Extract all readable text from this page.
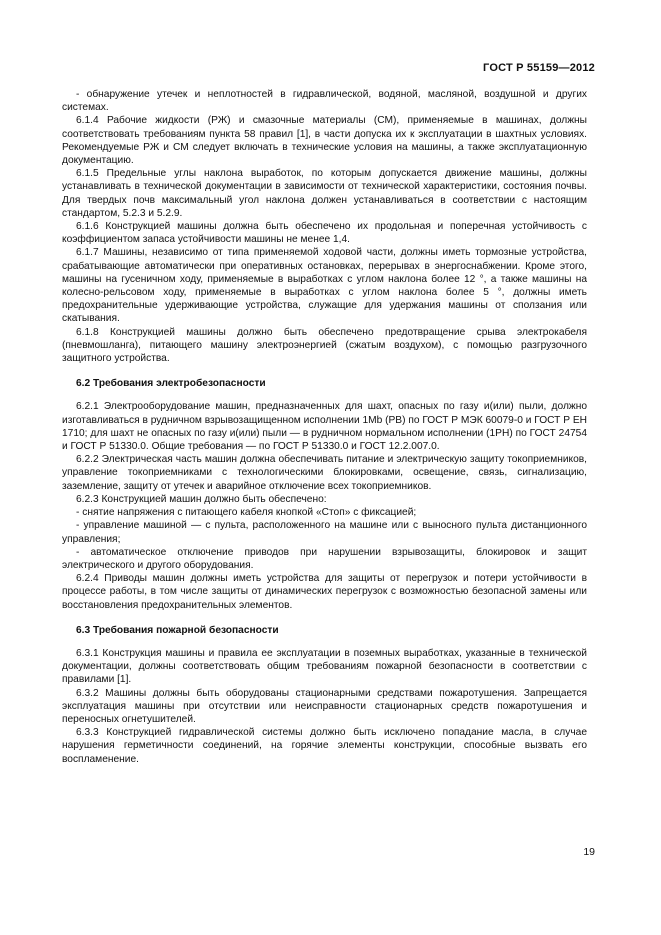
ГОСТ Р 55159—2012

- обнаружение утечек и неплотностей в гидравлической, водяной, масляной, воздушной и других системах.

6.1.4 Рабочие жидкости (РЖ) и смазочные материалы (СМ), применяемые в машинах, должны соответствовать требованиям пункта 58 правил [1], в части допуска их к эксплуатации в шахтных условиях. Рекомендуемые РЖ и СМ следует включать в технические условия на машины, а также эксплуатационную документацию.

6.1.5 Предельные углы наклона выработок, по которым допускается движение машины, должны устанавливать в технической документации в зависимости от технической характеристики, состояния почвы. Для твердых почв максимальный угол наклона должен устанавливаться в соответствии с настоящим стандартом, 5.2.3 и 5.2.9.

6.1.6 Конструкцией машины должна быть обеспечено их продольная и поперечная устойчивость с коэффициентом запаса устойчивости машины не менее 1,4.

6.1.7 Машины, независимо от типа применяемой ходовой части, должны иметь тормозные устройства, срабатывающие автоматически при оперативных остановках, перерывах в энергоснабжении. Кроме этого, машины на гусеничном ходу, применяемые в выработках с углом наклона более 12 °, а также машины на колесно-рельсовом ходу, применяемые в выработках с углом наклона более 5 °, должны иметь предохранительные удерживающие устройства, служащие для удержания машины от сползания или скатывания.

6.1.8 Конструкцией машины должно быть обеспечено предотвращение срыва электрокабеля (пневмошланга), питающего машину электроэнергией (сжатым воздухом), с помощью разгрузочного защитного устройства.

6.2 Требования электробезопасности

6.2.1 Электрооборудование машин, предназначенных для шахт, опасных по газу и(или) пыли, должно изготавливаться в рудничном взрывозащищенном исполнении 1Mb (РВ) по ГОСТ Р МЭК 60079-0 и ГОСТ Р ЕН 1710; для шахт не опасных по газу и(или) пыли — в рудничном нормальном исполнении (1РН) по ГОСТ 24754 и ГОСТ Р 51330.0. Общие требования — по ГОСТ Р 51330.0 и ГОСТ 12.2.007.0.

6.2.2 Электрическая часть машин должна обеспечивать питание и электрическую защиту токоприемников, управление токоприемниками с технологическими блокировками, освещение, связь, сигнализацию, заземление, защиту от утечек и аварийное отключение всех токоприемников.

6.2.3 Конструкцией машин должно быть обеспечено:

- снятие напряжения с питающего кабеля кнопкой «Стоп» с фиксацией;

- управление машиной — с пульта, расположенного на машине или с выносного пульта дистанционного управления;

- автоматическое отключение приводов при нарушении взрывозащиты, блокировок и защит электрического и другого оборудования.

6.2.4 Приводы машин должны иметь устройства для защиты от перегрузок и потери устойчивости в процессе работы, в том числе защиты от динамических перегрузок с возможностью безопасной замены или восстановления предохранительных элементов.

6.3 Требования пожарной безопасности

6.3.1 Конструкция машины и правила ее эксплуатации в поземных выработках, указанные в технической документации, должны соответствовать общим требованиям пожарной безопасности в соответствии с правилами [1].

6.3.2 Машины должны быть оборудованы стационарными средствами пожаротушения. Запрещается эксплуатация машины при отсутствии или неисправности стационарных средств пожаротушения и переносных огнетушителей.

6.3.3 Конструкцией гидравлической системы должно быть исключено попадание масла, в случае нарушения герметичности соединений, на горячие элементы конструкции, способные вызвать его воспламенение.

19
